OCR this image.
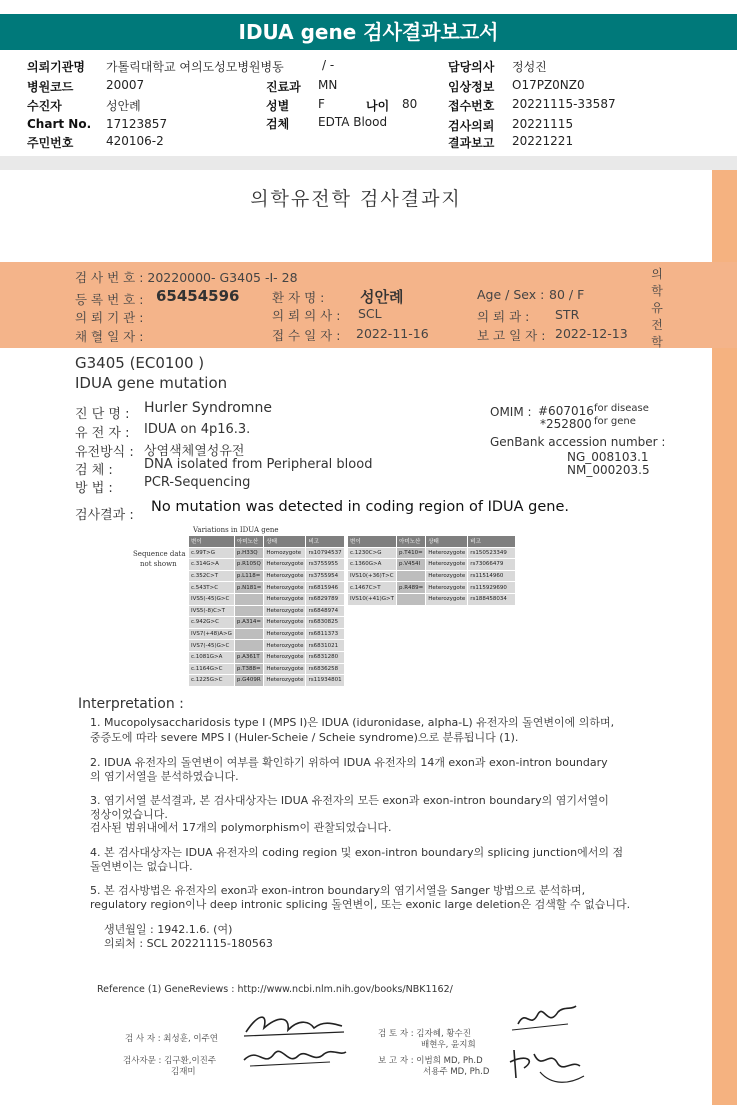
IDUA gene 검사결과보고서
의뢰기관명 가톨릭대학교 여의도성모병원병동	/ -	담당의사 정성진
병원코드	20007	진료과 MN	임상정보 O17PZ0NZ0
수진자	성안례	성별 F	나이 80	접수번호 20221115-33587
Chart No. 17123857	검체 EDTA Blood	검사의뢰 20221115
주민번호	420106-2	결과보고 20221221
의학유전학 검사결과지
의
학
유
전
학
검 사 번 호 : 20220000- G3405 -I- 28
등 록 번 호 : 65454596	환 자 명 : 성안례	Age / Sex : 80 / F
의 뢰 기 관 :	의 뢰 의 사 : SCL	의 뢰 과 : STR
채 혈 일 자 :	접 수 일 자 : 2022-11-16	보 고 일 자 : 2022-12-13
G3405 (EC0100 )
IDUA gene mutation
진 단 명 : Hurler Syndromne
유 전 자 : IDUA on 4p16.3.
유전방식 : 상염색체열성유전
검 체 : DNA isolated from Peripheral blood
방 법 : PCR-Sequencing
OMIM : #607016 for disease
*252800 for gene
GenBank accession number :
NG_008103.1
NM_000203.5
검사결과 :
No mutation was detected in coding region of IDUA gene.
Variations in IDUA gene
Sequence data
not shown
변이	아미노산	상태	비고
c.99T>G	p.H33Q	Homozygote	rs10794537
c.314G>A	p.R105Q	Heterozygote	rs3755955
c.352C>T	p.L118=	Heterozygote	rs3755954
c.543T>C	p.N181=	Heterozygote	rs6815946
IVS5(-45)G>C		Heterozygote	rs6829789
IVS5(-8)C>T		Heterozygote	rs6848974
c.942G>C	p.A314=	Heterozygote	rs6830825
IVS7(+48)A>G		Heterozygote	rs6811373
IVS7(-45)G>C		Heterozygote	rs6831021
c.1081G>A	p.A361T	Heterozygote	rs6831280
c.1164G>C	p.T388=	Heterozygote	rs6836258
c.1225G>C	p.G409R	Heterozygote	rs11934801
변이	아미노산	상태	비고
c.1230C>G	p.T410=	Heterozygote	rs150523349
c.1360G>A	p.V454I	Heterozygote	rs73066479
IVS10(+36)T>C		Heterozygote	rs11514960
c.1467C>T	p.R489=	Heterozygote	rs115929690
IVS10(+41)G>T		Heterozygote	rs188458034
Interpretation :
1. Mucopolysaccharidosis type I (MPS I)은 IDUA (iduronidase, alpha-L) 유전자의 돌연변이에 의하며,
중증도에 따라 severe MPS I (Huler-Scheie / Scheie syndrome)으로 분류됩니다 (1).
2. IDUA 유전자의 돌연변이 여부를 확인하기 위하여 IDUA 유전자의 14개 exon과 exon-intron boundary
의 염기서열을 분석하였습니다.
3. 염기서열 분석결과, 본 검사대상자는 IDUA 유전자의 모든 exon과 exon-intron boundary의 염기서열이
정상이었습니다.
검사된 범위내에서 17개의 polymorphism이 관찰되었습니다.
4. 본 검사대상자는 IDUA 유전자의 coding region 및 exon-intron boundary의 splicing junction에서의 점
돌연변이는 없습니다.
5. 본 검사방법은 유전자의 exon과 exon-intron boundary의 염기서열을 Sanger 방법으로 분석하며,
regulatory region이나 deep intronic splicing 돌연변이, 또는 exonic large deletion은 검색할 수 없습니다.
생년월일 : 1942.1.6. (여)
의뢰처 : SCL 20221115-180563
Reference (1) GeneReviews : http://www.ncbi.nlm.nih.gov/books/NBK1162/
검 사 자 : 최성훈, 이주연	검 토 자 : 김자혜, 황수진
배현우, 윤지희
검사자문 : 김구환,이진주
김재미
보 고 자 : 이범희 MD, Ph.D
서용주 MD, Ph.D
